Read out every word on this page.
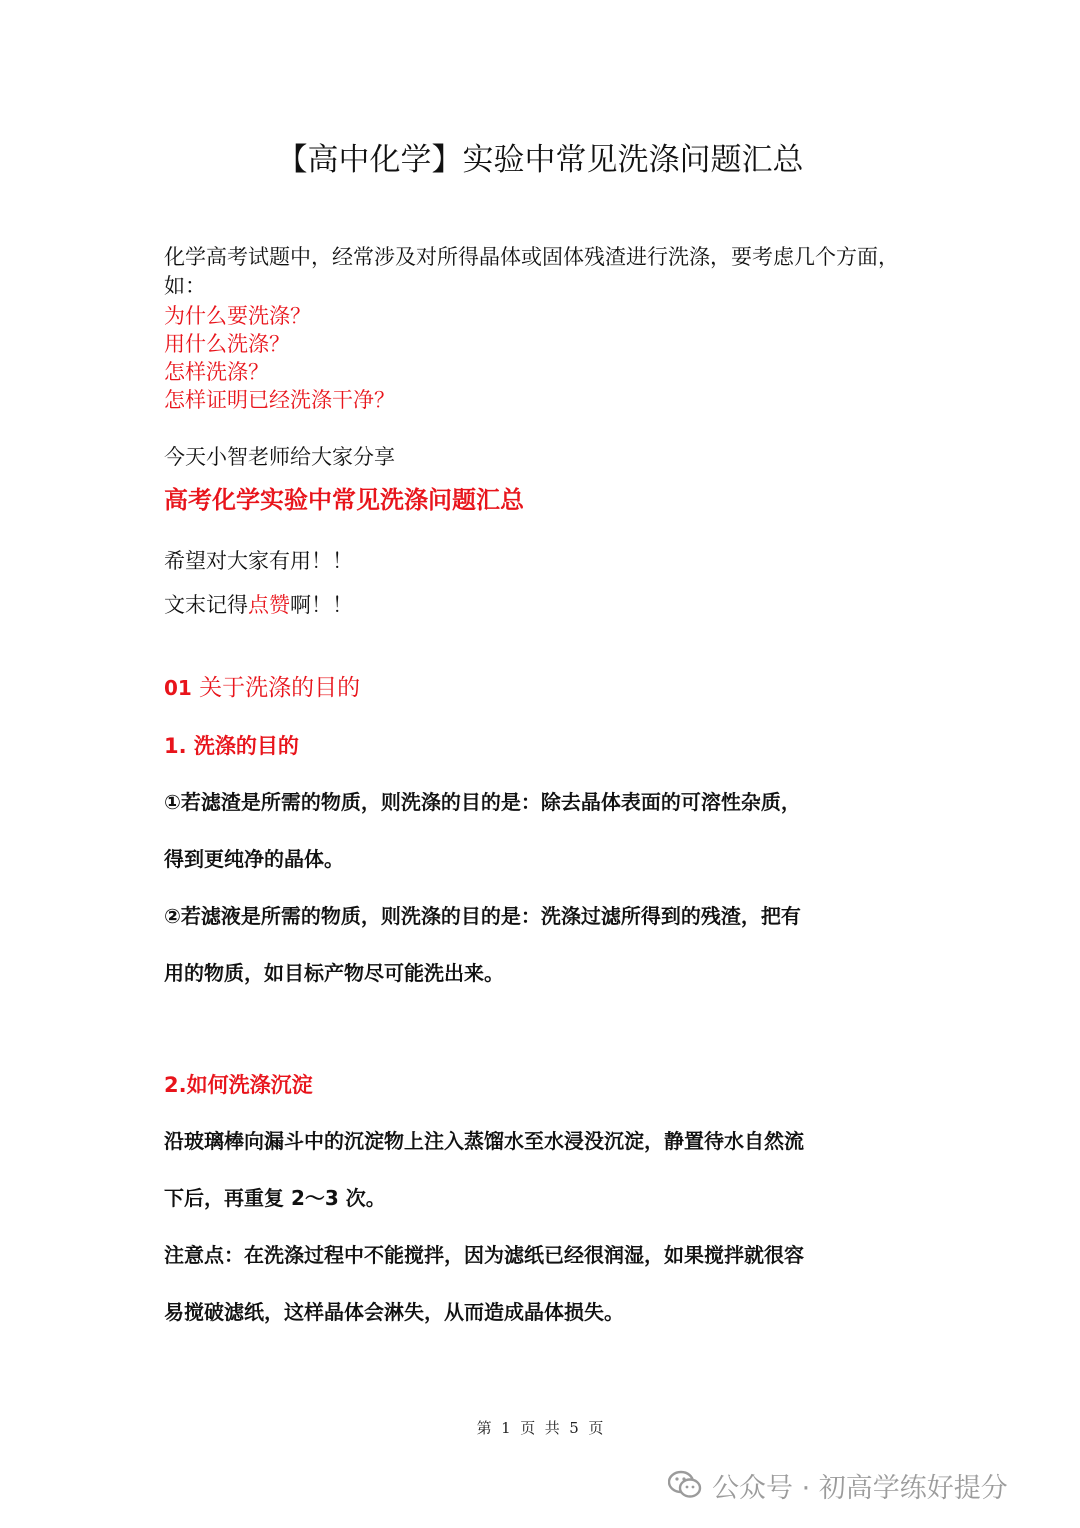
【高中化学】实验中常见洗涤问题汇总
化学高考试题中，经常涉及对所得晶体或固体残渣进行洗涤，要考虑几个方面，如：
为什么要洗涤？
用什么洗涤？
怎样洗涤？
怎样证明已经洗涤干净？
今天小智老师给大家分享
高考化学实验中常见洗涤问题汇总
希望对大家有用！！
文末记得点赞啊！！
01 关于洗涤的目的
1. 洗涤的目的
①若滤渣是所需的物质，则洗涤的目的是：除去晶体表面的可溶性杂质，
得到更纯净的晶体。
②若滤液是所需的物质，则洗涤的目的是：洗涤过滤所得到的残渣，把有
用的物质，如目标产物尽可能洗出来。
2.如何洗涤沉淀
沿玻璃棒向漏斗中的沉淀物上注入蒸馏水至水浸没沉淀，静置待水自然流
下后，再重复 2～3 次。
注意点：在洗涤过程中不能搅拌，因为滤纸已经很润湿，如果搅拌就很容
易搅破滤纸，这样晶体会淋失，从而造成晶体损失。
第  1  页  共  5  页
公众号 · 初高学练好提分
